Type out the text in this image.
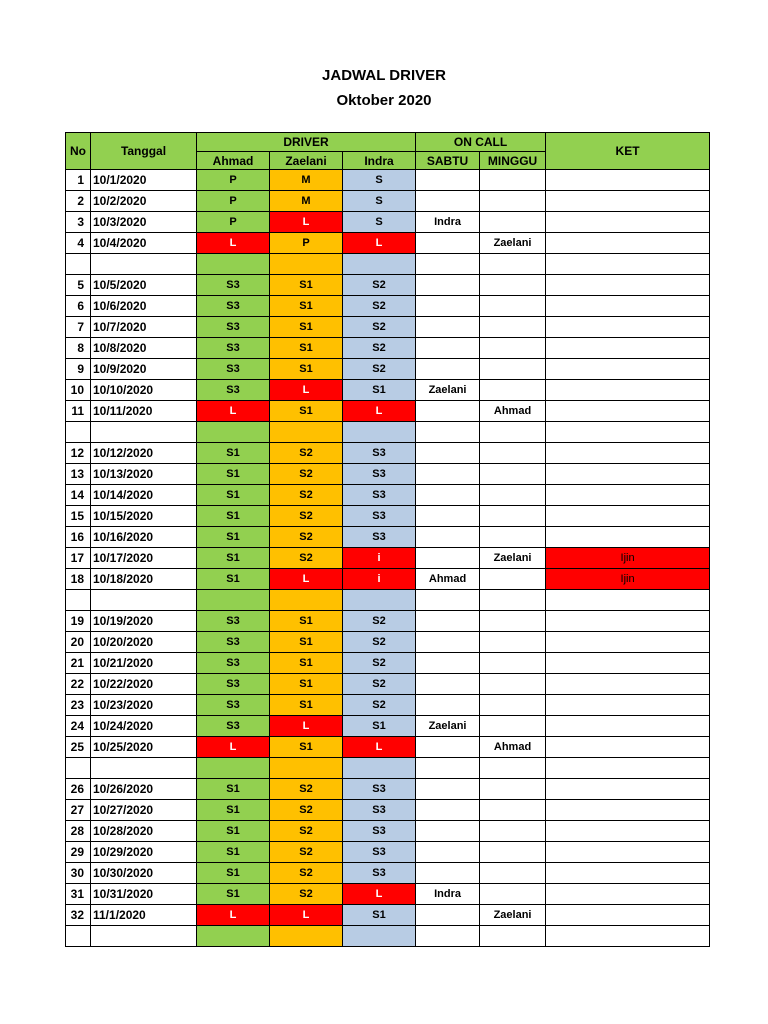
JADWAL DRIVER
Oktober 2020
No	Tanggal	DRIVER			ON CALL		KET
		Ahmad	Zaelani	Indra	SABTU	MINGGU	
1	10/1/2020	P	M	S			
2	10/2/2020	P	M	S			
3	10/3/2020	P	L	S	Indra		
4	10/4/2020	L	P	L		Zaelani	

5	10/5/2020	S3	S1	S2			
6	10/6/2020	S3	S1	S2			
7	10/7/2020	S3	S1	S2			
8	10/8/2020	S3	S1	S2			
9	10/9/2020	S3	S1	S2			
10	10/10/2020	S3	L	S1	Zaelani		
11	10/11/2020	L	S1	L		Ahmad	

12	10/12/2020	S1	S2	S3			
13	10/13/2020	S1	S2	S3			
14	10/14/2020	S1	S2	S3			
15	10/15/2020	S1	S2	S3			
16	10/16/2020	S1	S2	S3			
17	10/17/2020	S1	S2	i		Zaelani	Ijin
18	10/18/2020	S1	L	i	Ahmad		Ijin

19	10/19/2020	S3	S1	S2			
20	10/20/2020	S3	S1	S2			
21	10/21/2020	S3	S1	S2			
22	10/22/2020	S3	S1	S2			
23	10/23/2020	S3	S1	S2			
24	10/24/2020	S3	L	S1	Zaelani		
25	10/25/2020	L	S1	L		Ahmad	

26	10/26/2020	S1	S2	S3			
27	10/27/2020	S1	S2	S3			
28	10/28/2020	S1	S2	S3			
29	10/29/2020	S1	S2	S3			
30	10/30/2020	S1	S2	S3			
31	10/31/2020	S1	S2	L	Indra		
32	11/1/2020	L	L	S1		Zaelani	
